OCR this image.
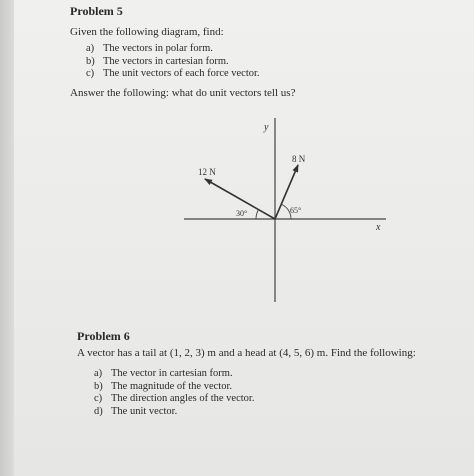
Problem 5

Given the following diagram, find:

a) The vectors in polar form.
b) The vectors in cartesian form.
c) The unit vectors of each force vector.

Answer the following: what do unit vectors tell us?

Problem 6

A vector has a tail at (1, 2, 3) m and a head at (4, 5, 6) m. Find the following:

a) The vector in cartesian form.
b) The magnitude of the vector.
c) The direction angles of the vector.
d) The unit vector.
y
x
12 N
8 N
30°	65°
